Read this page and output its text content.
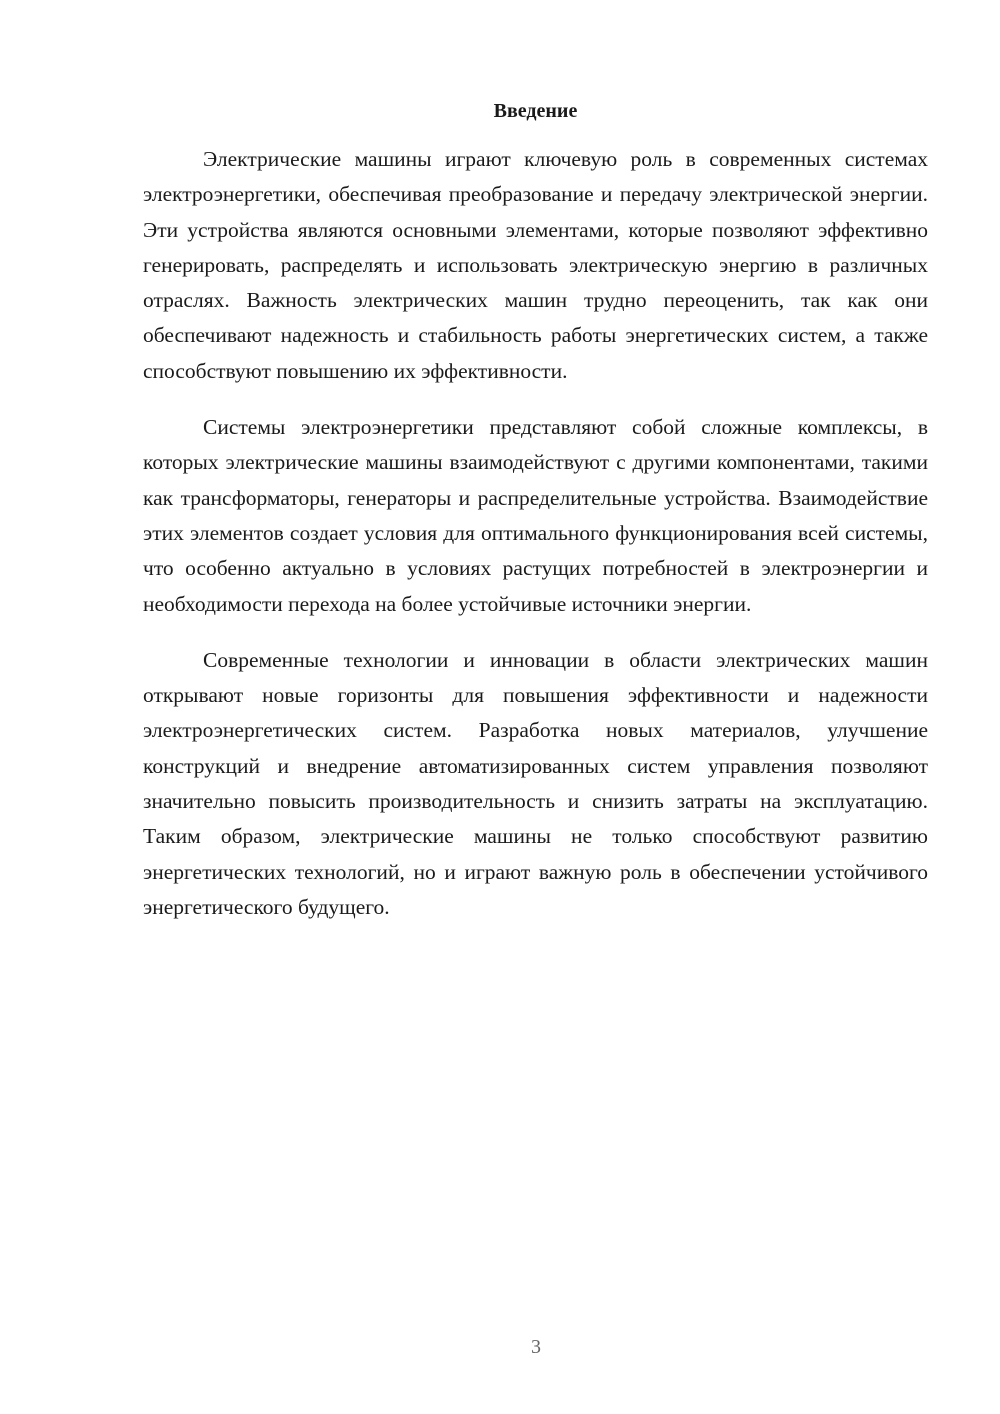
Введение

Электрические машины играют ключевую роль в современных системах электроэнергетики, обеспечивая преобразование и передачу электрической энергии. Эти устройства являются основными элементами, которые позволяют эффективно генерировать, распределять и использовать электрическую энергию в различных отраслях. Важность электрических машин трудно переоценить, так как они обеспечивают надежность и стабильность работы энергетических систем, а также способствуют повышению их эффективности.

Системы электроэнергетики представляют собой сложные комплексы, в которых электрические машины взаимодействуют с другими компонентами, такими как трансформаторы, генераторы и распределительные устройства. Взаимодействие этих элементов создает условия для оптимального функционирования всей системы, что особенно актуально в условиях растущих потребностей в электроэнергии и необходимости перехода на более устойчивые источники энергии.

Современные технологии и инновации в области электрических машин открывают новые горизонты для повышения эффективности и надежности электроэнергетических систем. Разработка новых материалов, улучшение конструкций и внедрение автоматизированных систем управления позволяют значительно повысить производительность и снизить затраты на эксплуатацию. Таким образом, электрические машины не только способствуют развитию энергетических технологий, но и играют важную роль в обеспечении устойчивого энергетического будущего.

3
